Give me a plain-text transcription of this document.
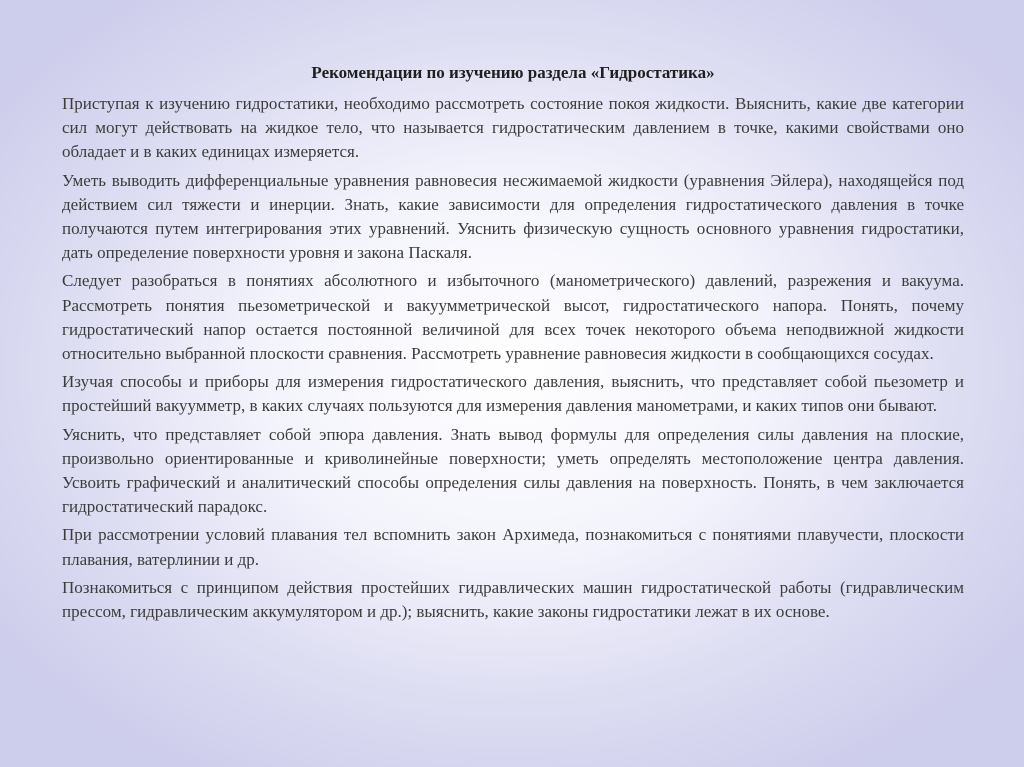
Рекомендации по изучению раздела «Гидростатика»

Приступая к изучению гидростатики, необходимо рассмотреть состояние покоя жидкости. Выяснить, какие две категории сил могут действовать на жидкое тело, что называется гидростатическим давлением в точке, какими свойствами оно обладает и в каких единицах измеряется.

Уметь выводить дифференциальные уравнения равновесия несжимаемой жидкости (уравнения Эйлера), находящейся под действием сил тяжести и инерции. Знать, какие зависимости для определения гидростатического давления в точке получаются путем интегрирования этих уравнений. Уяснить физическую сущность основного уравнения гидростатики, дать определение поверхности уровня и закона Паскаля.

Следует разобраться в понятиях абсолютного и избыточного (манометрического) давлений, разрежения и вакуума. Рассмотреть понятия пьезометрической и вакуумметрической высот, гидростатического напора. Понять, почему гидростатический напор остается постоянной величиной для всех точек некоторого объема неподвижной жидкости относительно выбранной плоскости сравнения. Рассмотреть уравнение равновесия жидкости в сообщающихся сосудах.

Изучая способы и приборы для измерения гидростатического давления, выяснить, что представляет собой пьезометр и простейший вакуумметр, в каких случаях пользуются для измерения давления манометрами, и каких типов они бывают.

Уяснить, что представляет собой эпюра давления. Знать вывод формулы для определения силы давления на плоские, произвольно ориентированные и криволинейные поверхности; уметь определять местоположение центра давления. Усвоить графический и аналитический способы определения силы давления на поверхность. Понять, в чем заключается гидростатический парадокс.

При рассмотрении условий плавания тел вспомнить закон Архимеда, познакомиться с понятиями плавучести, плоскости плавания, ватерлинии и др.

Познакомиться с принципом действия простейших гидравлических машин гидростатической работы (гидравлическим прессом, гидравлическим аккумулятором и др.); выяснить, какие законы гидростатики лежат в их основе.
